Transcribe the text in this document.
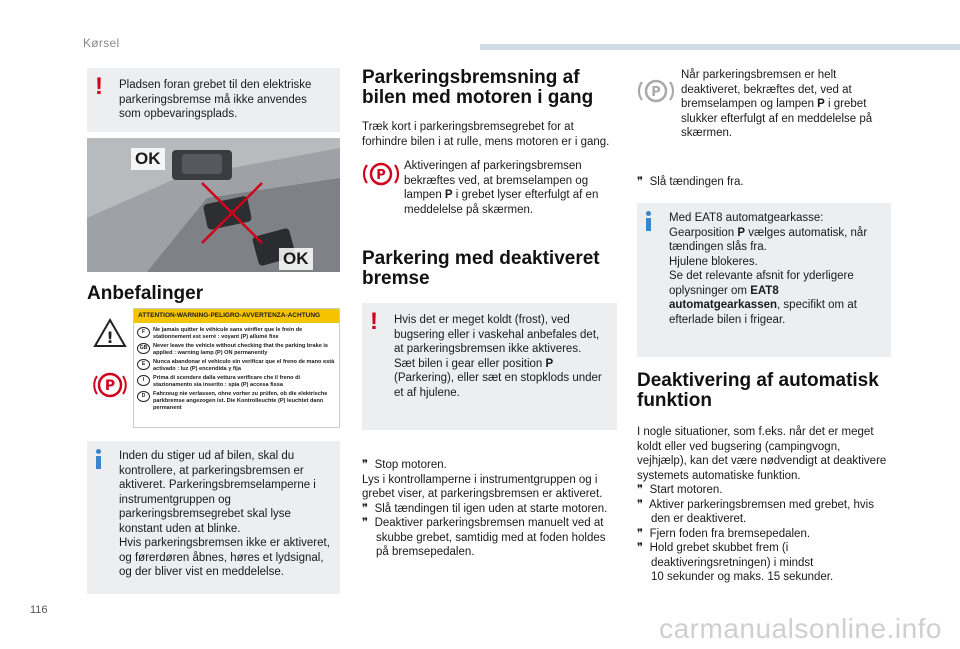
Kørsel
! Pladsen foran grebet til den elektriske parkeringsbremse må ikke anvendes som opbevaringsplads.
OK
OK
Anbefalinger
!
P
ATTENTION-WARNING-PELIGRO-AVVERTENZA-ACHTUNG
F	Ne jamais quitter le véhicule sans vérifier que le frein de stationnement est serré : voyant (P) allumé fixe
GB	Never leave the vehicle without checking that the parking brake is applied : warning lamp (P) ON permanently
E	Nunca abandonar el vehículo sin verificar que el freno de mano está activado : luz (P) encendida y fija
I	Prima di scendere dalla vettura verificare che il freno di stazionamento sia inserito : spia (P) accesa fissa
D	Fahrzeug nie verlassen, ohne vorher zu prüfen, ob die elektrische parkbremse angezogen ist. Die Kontrolleuchte (P) leuchtet dann permanent
Inden du stiger ud af bilen, skal du kontrollere, at parkeringsbremsen er aktiveret. Parkeringsbremselamperne i instrumentgruppen og parkeringsbremsegrebet skal lyse konstant uden at blinke.
Hvis parkeringsbremsen ikke er aktiveret, og førerdøren åbnes, høres et lydsignal, og der bliver vist en meddelelse.
Parkeringsbremsning af bilen med motoren i gang

Træk kort i parkeringsbremsegrebet for at forhindre bilen i at rulle, mens motoren er i gang.

P
Aktiveringen af parkeringsbremsen bekræftes ved, at bremselampen og lampen P i grebet lyser efterfulgt af en meddelelse på skærmen.
Parkering med deaktiveret bremse
! Hvis det er meget koldt (frost), ved bugsering eller i vaskehal anbefales det, at parkeringsbremsen ikke aktiveres.
Sæt bilen i gear eller position P
(Parkering), eller sæt en stopklods under et af hjulene.

❞  Stop motoren.

Lys i kontrollamperne i instrumentgruppen og i grebet viser, at parkeringsbremsen er aktiveret.

❞  Slå tændingen til igen uden at starte motoren.

❞  Deaktiver parkeringsbremsen manuelt ved at skubbe grebet, samtidig med at foden holdes på bremsepedalen.

P
Når parkeringsbremsen er helt deaktiveret, bekræftes det, ved at bremselampen og lampen P i grebet slukker efterfulgt af en meddelelse på skærmen.

❞ Slå tændingen fra.

Med EAT8 automatgearkasse:
Gearposition P vælges automatisk, når tændingen slås fra.
Hjulene blokeres.
Se det relevante afsnit for yderligere oplysninger om EAT8 automatgearkassen, specifikt om at efterlade bilen i frigear.
Deaktivering af automatisk funktion

I nogle situationer, som f.eks. når det er meget koldt eller ved bugsering (campingvogn, vejhjælp), kan det være nødvendigt at deaktivere systemets automatiske funktion.

❞  Start motoren.

❞  Aktiver parkeringsbremsen med grebet, hvis den er deaktiveret.

❞  Fjern foden fra bremsepedalen.

❞  Hold grebet skubbet frem (i deaktiveringsretningen) i mindst
10 sekunder og maks. 15 sekunder.

116
carmanualsonline.info
